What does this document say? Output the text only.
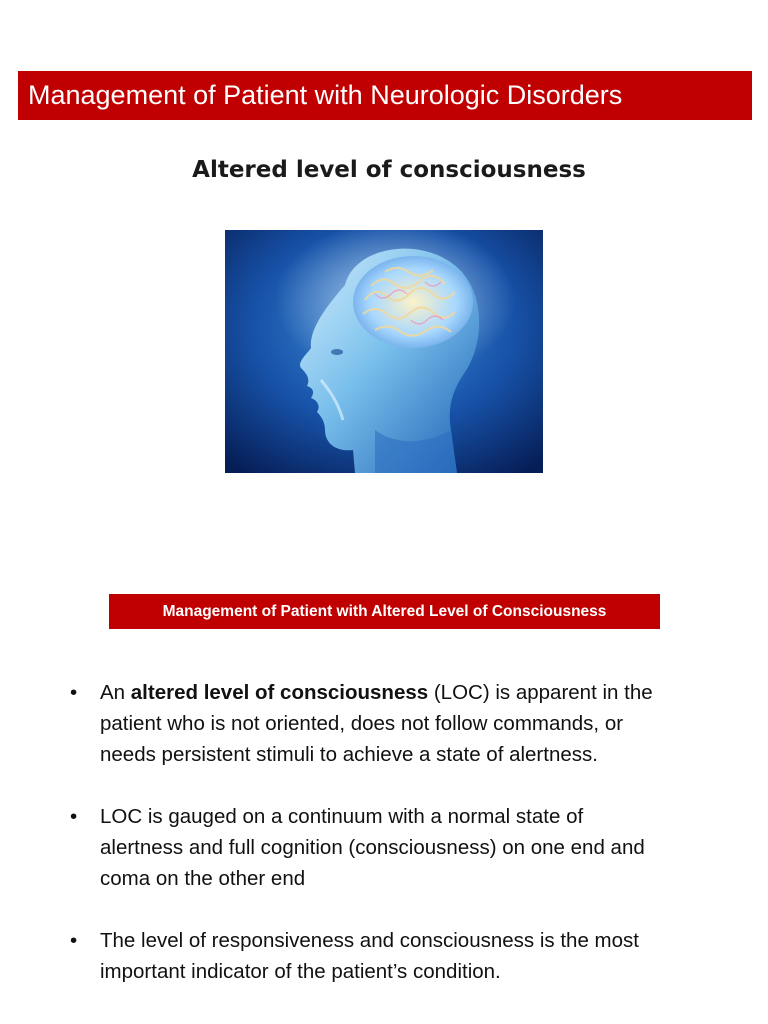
Management of Patient with Neurologic Disorders
Altered level of consciousness
Management of Patient with Altered Level of Consciousness
•	An altered level of consciousness (LOC) is apparent in the patient who is not oriented, does not follow commands, or needs persistent stimuli to achieve a state of alertness.
•	LOC is gauged on a continuum with a normal state of alertness and full cognition (consciousness) on one end and coma on the other end
•	The level of responsiveness and consciousness is the most important indicator of the patient’s condition.
